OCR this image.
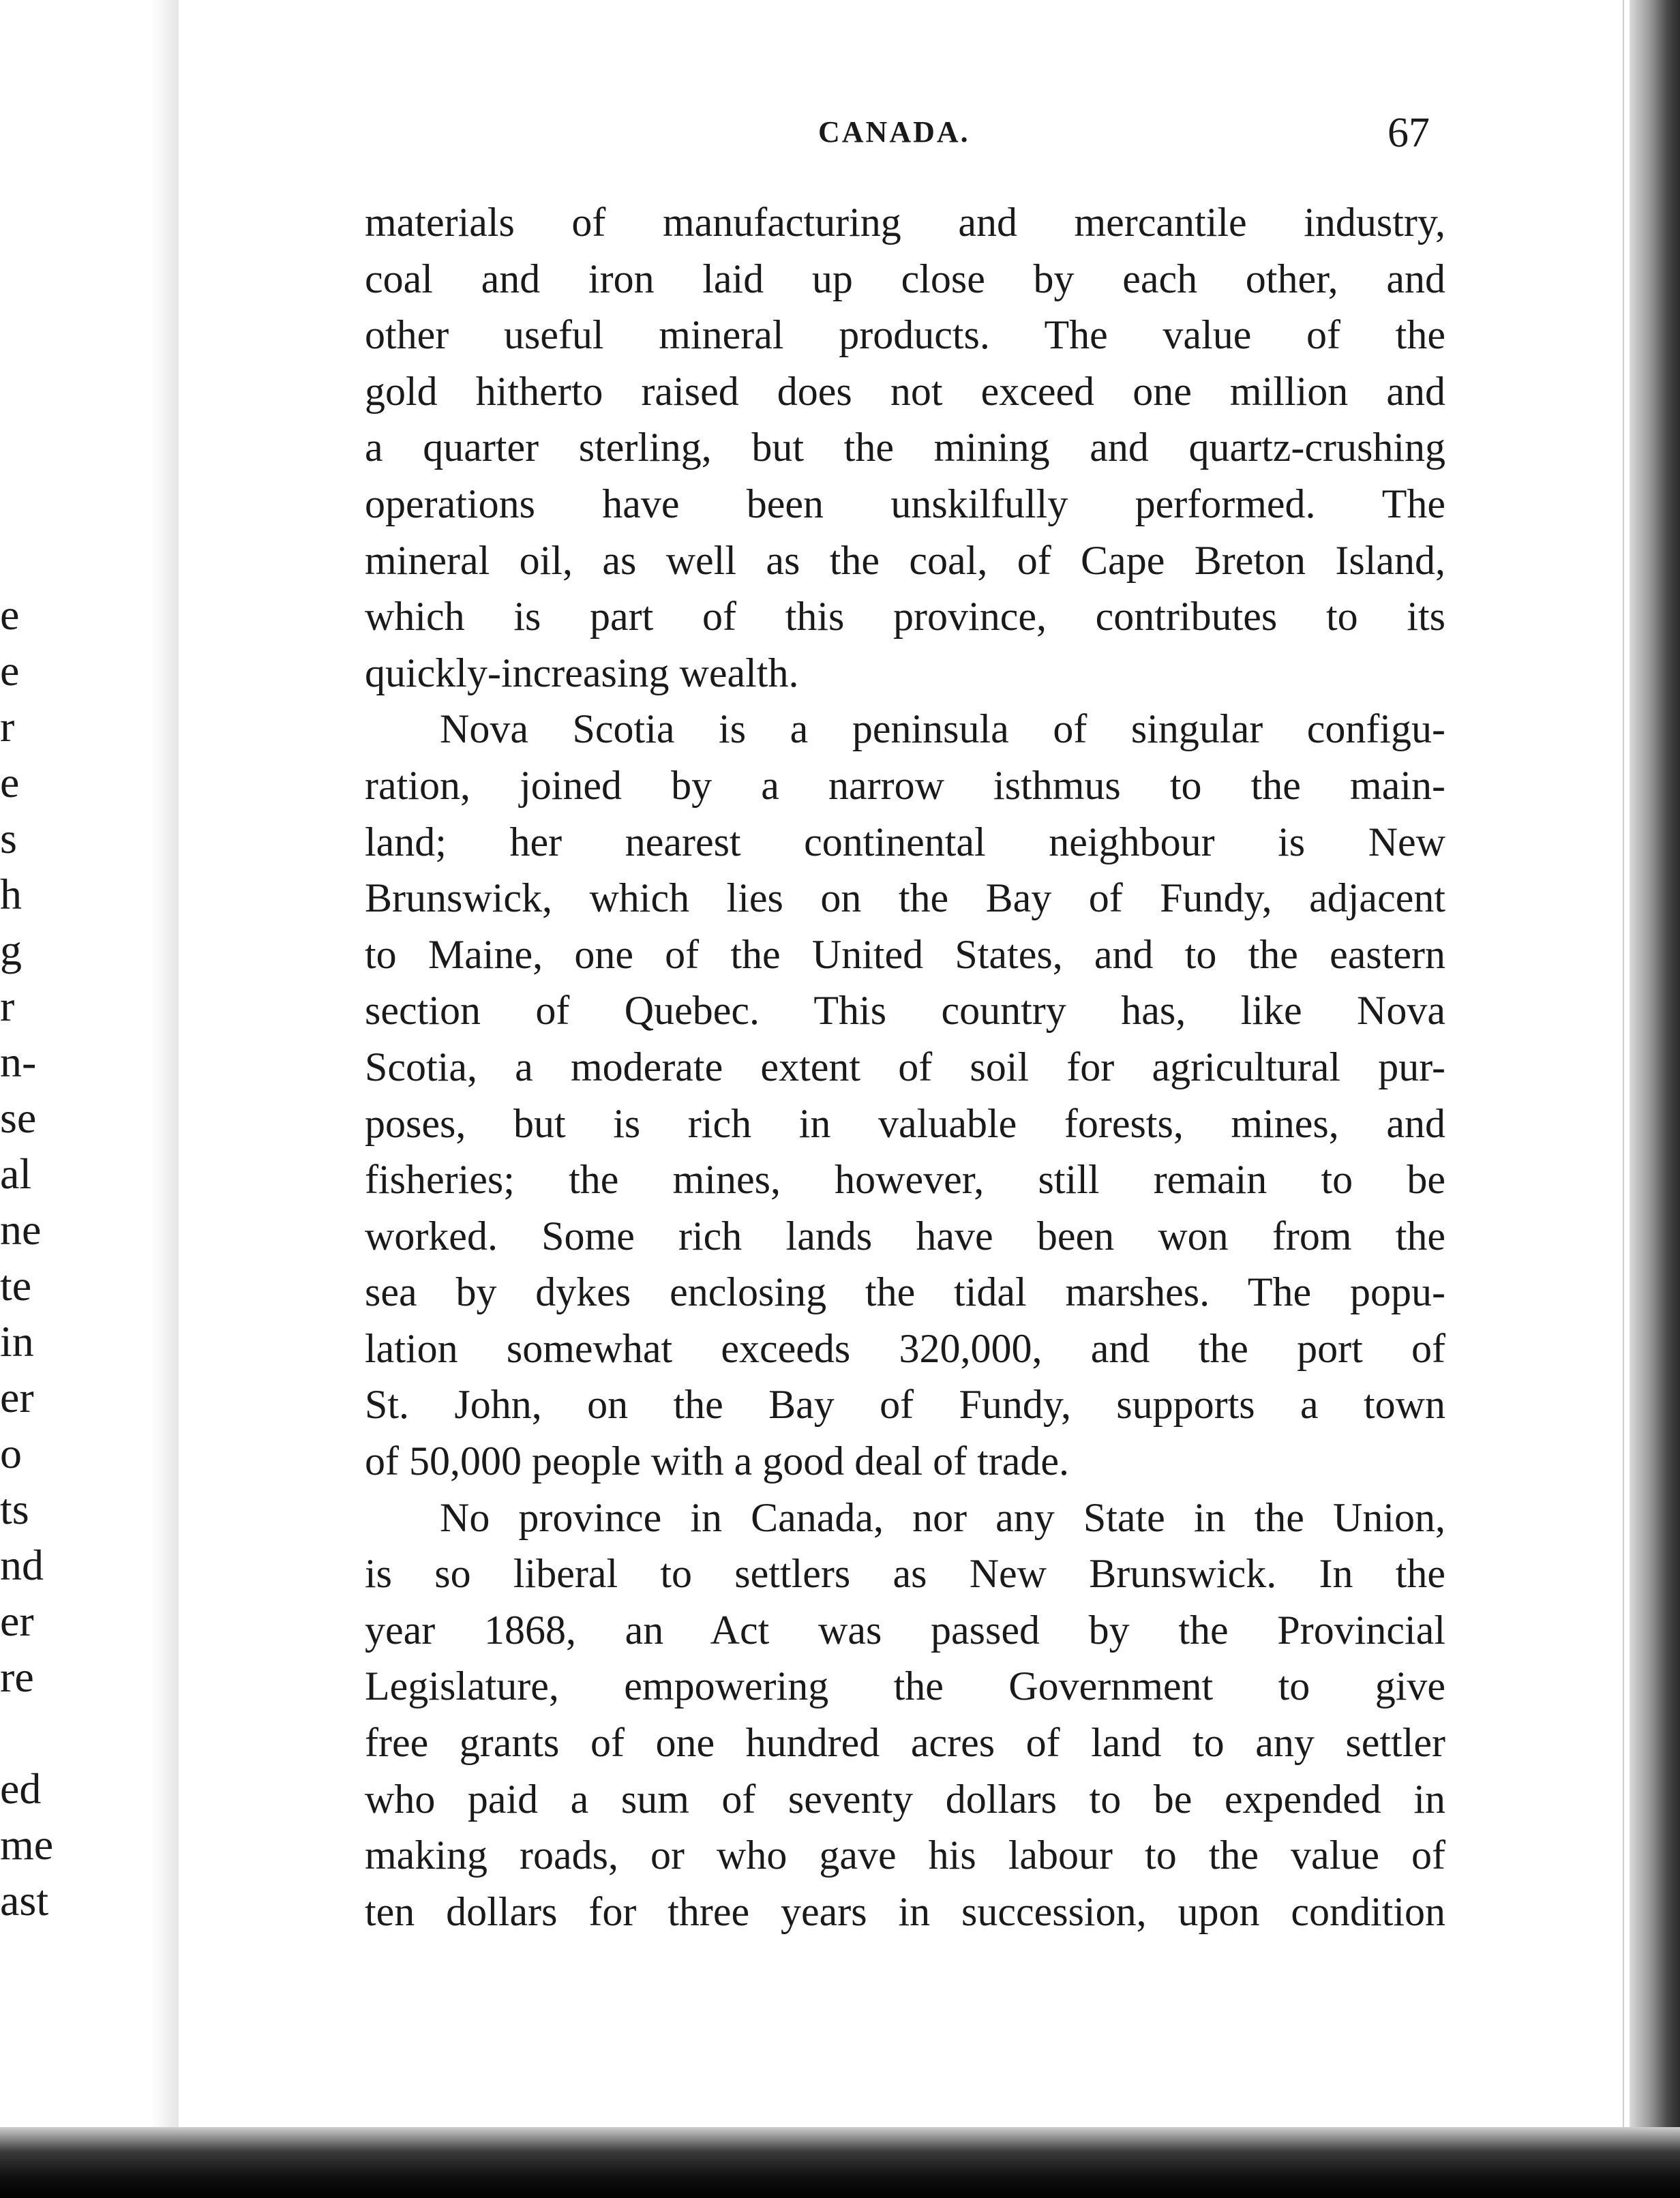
e
e
r
e
s
h
g
r
n-
se
al
ne
te
in
er
o
ts
nd
er
re
ed
me
ast
CANADA.	67
materials of manufacturing and mercantile industry,
coal and iron laid up close by each other, and
other useful mineral products. The value of the
gold hitherto raised does not exceed one million and
a quarter sterling, but the mining and quartz-crushing
operations have been unskilfully performed. The
mineral oil, as well as the coal, of Cape Breton Island,
which is part of this province, contributes to its
quickly-increasing wealth.
Nova Scotia is a peninsula of singular configu-
ration, joined by a narrow isthmus to the main-
land; her nearest continental neighbour is New
Brunswick, which lies on the Bay of Fundy, adjacent
to Maine, one of the United States, and to the eastern
section of Quebec. This country has, like Nova
Scotia, a moderate extent of soil for agricultural pur-
poses, but is rich in valuable forests, mines, and
fisheries; the mines, however, still remain to be
worked. Some rich lands have been won from the
sea by dykes enclosing the tidal marshes. The popu-
lation somewhat exceeds 320,000, and the port of
St. John, on the Bay of Fundy, supports a town
of 50,000 people with a good deal of trade.
No province in Canada, nor any State in the Union,
is so liberal to settlers as New Brunswick. In the
year 1868, an Act was passed by the Provincial
Legislature, empowering the Government to give
free grants of one hundred acres of land to any settler
who paid a sum of seventy dollars to be expended in
making roads, or who gave his labour to the value of
ten dollars for three years in succession, upon condition
